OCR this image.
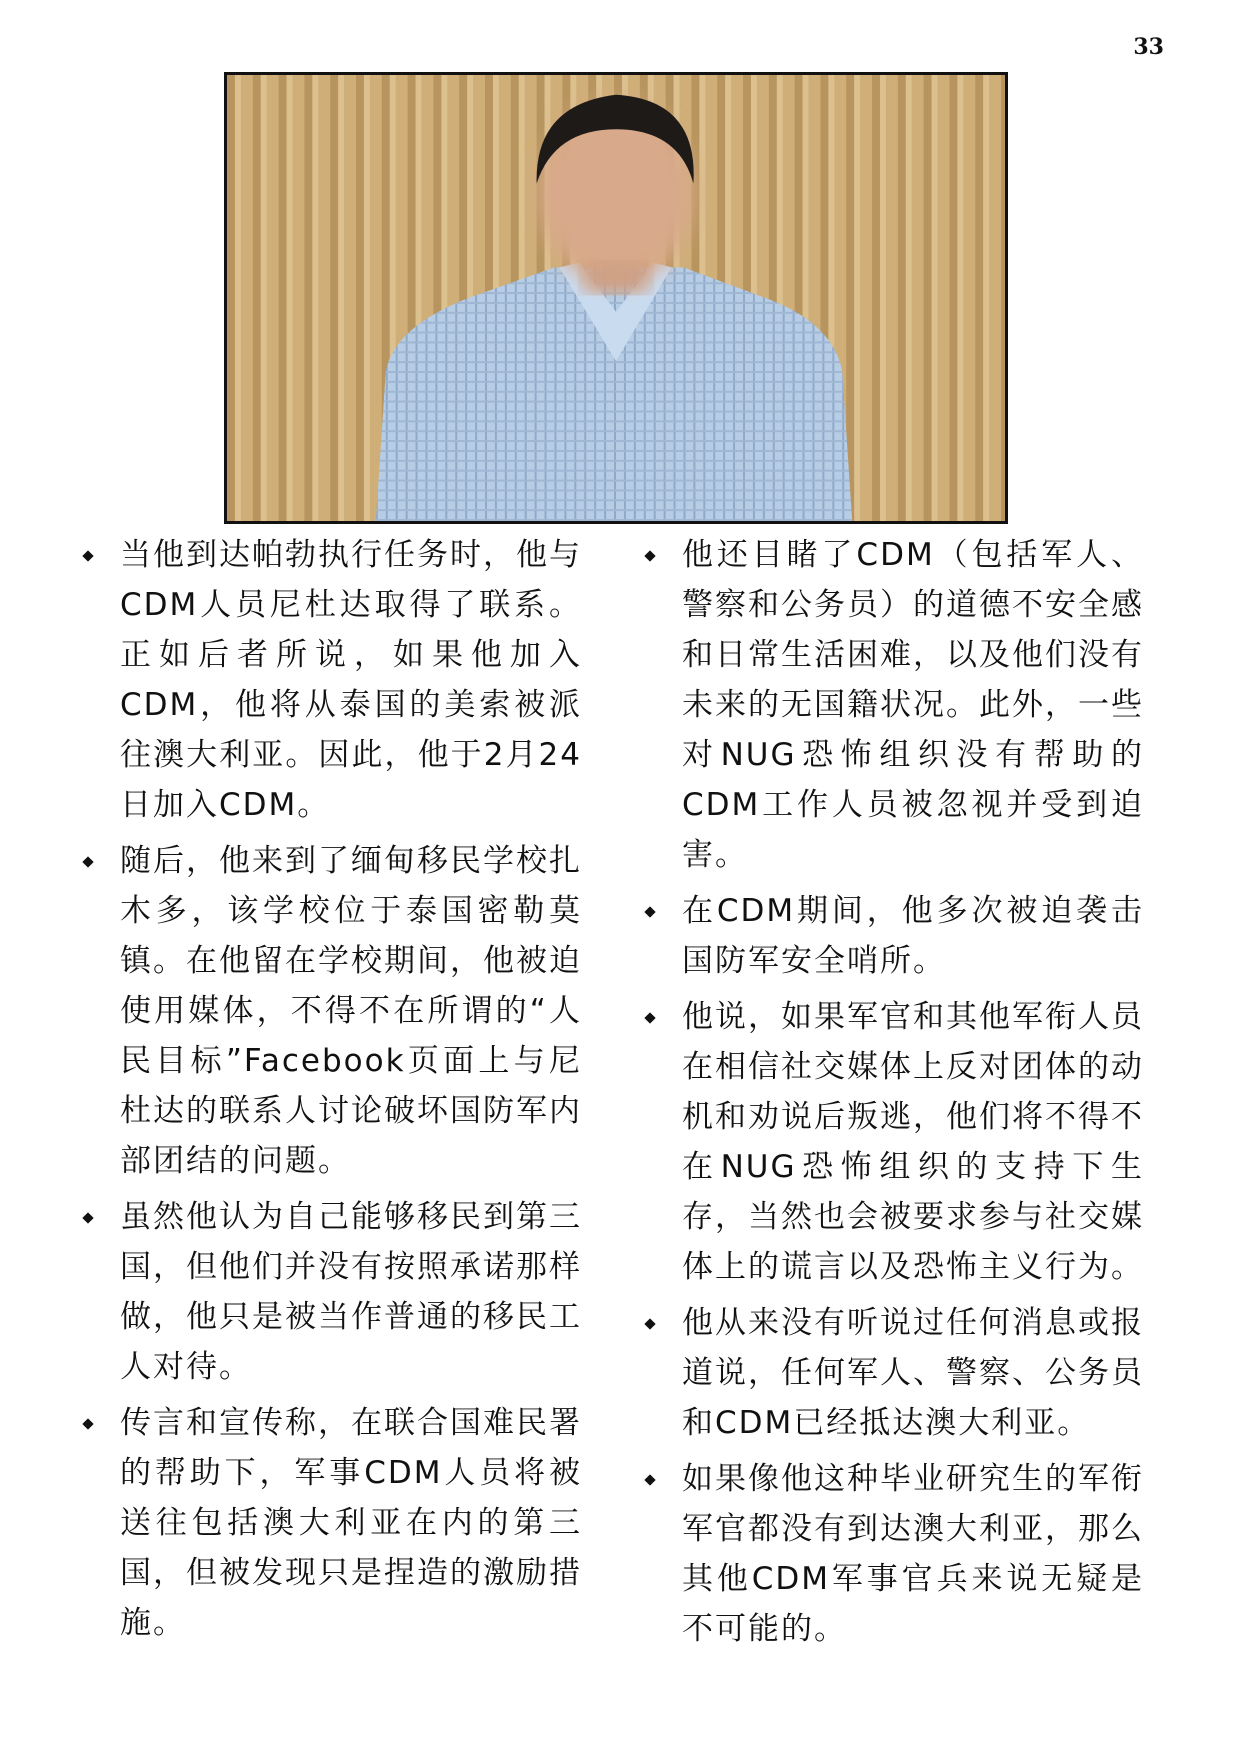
33
当他到达帕勃执行任务时，他与CDM人员尼杜达取得了联系。正如后者所说，如果他加入CDM，他将从泰国的美索被派往澳大利亚。因此，他于2月24日加入CDM。
随后，他来到了缅甸移民学校扎木多，该学校位于泰国密勒莫镇。在他留在学校期间，他被迫使用媒体，不得不在所谓的“人民目标”Facebook页面上与尼杜达的联系人讨论破坏国防军内部团结的问题。
虽然他认为自己能够移民到第三国，但他们并没有按照承诺那样做，他只是被当作普通的移民工人对待。
传言和宣传称，在联合国难民署的帮助下，军事CDM人员将被送往包括澳大利亚在内的第三国，但被发现只是捏造的激励措施。
他还目睹了CDM（包括军人、警察和公务员）的道德不安全感和日常生活困难，以及他们没有未来的无国籍状况。此外，一些对NUG恐怖组织没有帮助的CDM工作人员被忽视并受到迫害。
在CDM期间，他多次被迫袭击国防军安全哨所。
他说，如果军官和其他军衔人员在相信社交媒体上反对团体的动机和劝说后叛逃，他们将不得不在NUG恐怖组织的支持下生存，当然也会被要求参与社交媒体上的谎言以及恐怖主义行为。
他从来没有听说过任何消息或报道说，任何军人、警察、公务员和CDM已经抵达澳大利亚。
如果像他这种毕业研究生的军衔军官都没有到达澳大利亚，那么其他CDM军事官兵来说无疑是不可能的。
